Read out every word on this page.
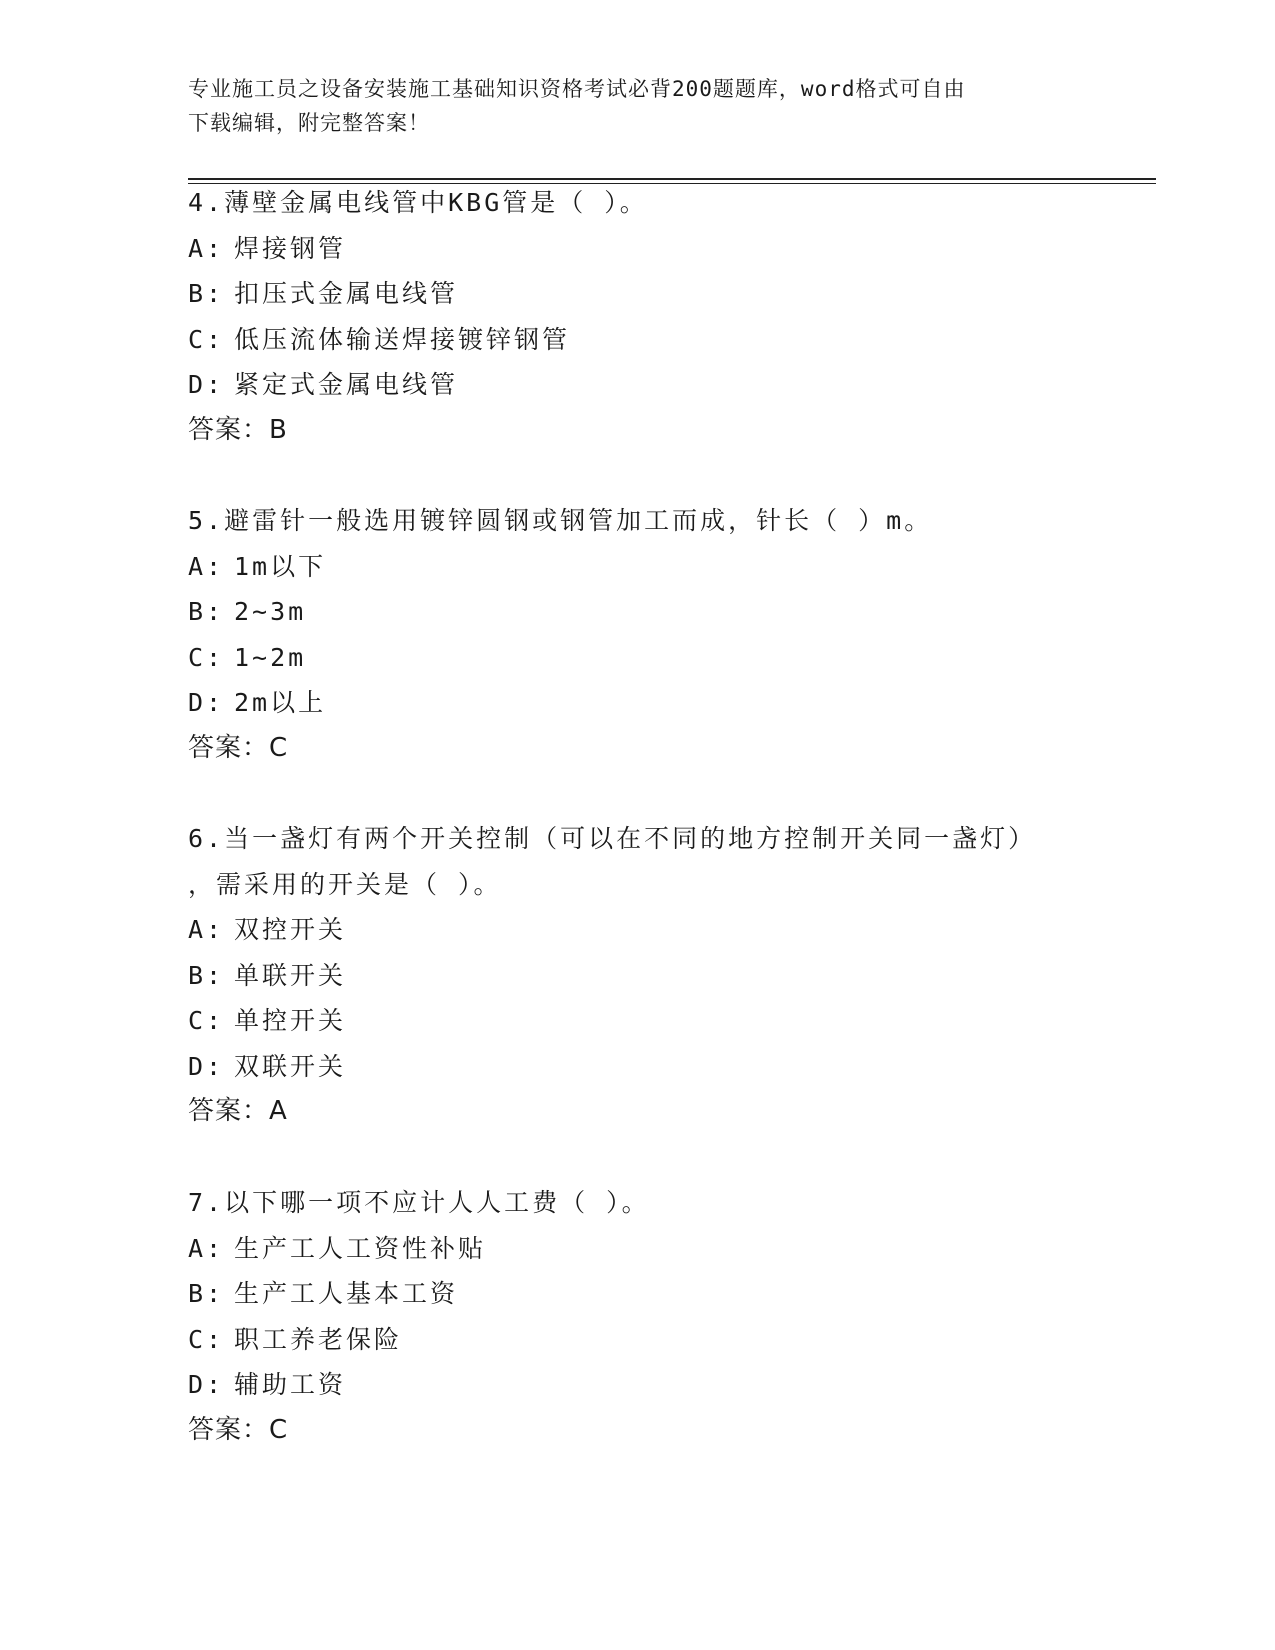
专业施工员之设备安装施工基础知识资格考试必背200题题库，word格式可自由
下载编辑，附完整答案！
4.薄壁金属电线管中KBG管是（ ）。
A: 焊接钢管
B: 扣压式金属电线管
C: 低压流体输送焊接镀锌钢管
D: 紧定式金属电线管
答案：B
5.避雷针一般选用镀锌圆钢或钢管加工而成，针长（ ）m。
A: 1m以下
B: 2~3m
C: 1~2m
D: 2m以上
答案：C
6.当一盏灯有两个开关控制（可以在不同的地方控制开关同一盏灯）
，需采用的开关是（ ）。
A: 双控开关
B: 单联开关
C: 单控开关
D: 双联开关
答案：A
7.以下哪一项不应计人人工费（ ）。
A: 生产工人工资性补贴
B: 生产工人基本工资
C: 职工养老保险
D: 辅助工资
答案：C
